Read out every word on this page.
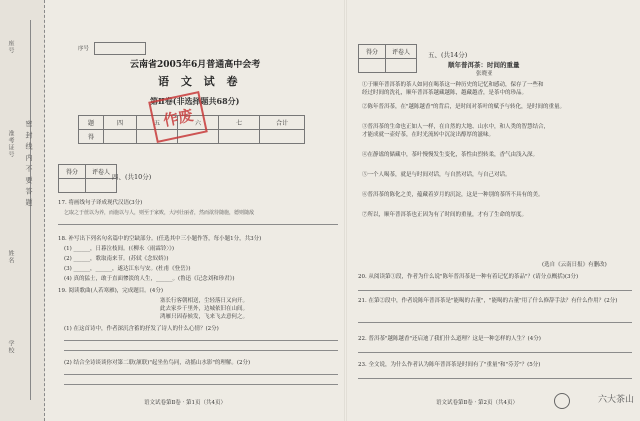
密 封 线 内 不 要 答 题
准考证号
姓名
学校
座号	序号
云南省2005年6月普通高中会考
语 文 试 卷
第Ⅱ卷(非选择题共68分)
题	四	五	六	七	合计
得					
作废
得分	评卷人

四、(共10分)
17. 将画线句子译成现代汉语(3分)
乞取之于蔗以为养，而施以与人，则至于家败，大河壮丽者，然而欲待随施，德则随敌
18. 补写出下列名句名篇中的空缺部分。(任选其中三小题作答，每小题1分，共3分)
(1) ______，日暮泣枝间。(《柳永〈雨霖铃〉》)
(2) ______，歌取南来节。(苏轼《念奴娇》)
(3) ______，______，遂达江东与安。(杜甫《登岳》)
(4) 真的猛士，敢于直面惨淡的人生，______。(鲁迅《记念刘和珍君》)
19. 阅读歌曲(人若寒雁)，完成题目。(4分)
塞长行客朝相送，尘轻落日又向开。
此去家乡千里外，边城依旧在山间。
鸿雁只因春候发，飞来飞去意何之。
(1) 在这首诗中，作者深沉含蓄的抒发了诗人的什么心情？(2分)
(2) 结合全诗谈谈你对第二联(颔联)"起坐鱼鸟同，动摇山水影"的理解。(2分)
语文试卷第Ⅱ卷 · 第1页（共4页）
得分	评卷人
		五、(共14分)
顺年普洱茶：时间的重量
张晓亚
①于顺年普洱茶的茶人如同在喝茶这一种历史的记忆和感动，保存了一些和
经过时间的洗礼，顺年普洱茶越藏越陈，越藏越香，是茶中的珍品。
②陈年普洱茶，在"越陈越香"的背后，是时间对茶叶的赋予与转化，是时间的重量。
③普洱茶的生命也正如人一样，在自然的大地、山水中，和人类的智慧结合，
才能成就一壶好茶，在时光流转中沉淀出醇厚的滋味。
④在静谧的储藏中，茶叶慢慢发生变化，茶性由烈转柔，香气由浅入深。
⑤一个人喝茶，就是与时间对话，与自然对话，与自己对话。
⑥普洱茶的陈化之美，蕴藏着岁月的沉淀，这是一种别的茶所不具有的美。
⑦所以，顺年普洱茶也正因为有了时间的重量，才有了生命的厚度。
(选自《云南日报》有删改)
20. 从阅读第①段，作者为什么说"陈年普洱茶是一种有着记忆的茶品"？(请分点概括)(3分)
21. 在第②段中，作者说陈年普洱茶是"能喝的古董"，"能喝的古董"用了什么修辞手法？有什么作用？(2分)
22. 普洱茶"越陈越香"还启迪了我们什么道理？这是一种怎样的人生？(4分)
23. 全文说，为什么作者认为陈年普洱茶是时间有了"重量"和"芬芳"？(5分)
语文试卷第Ⅱ卷 · 第2页（共4页）	六大茶山
